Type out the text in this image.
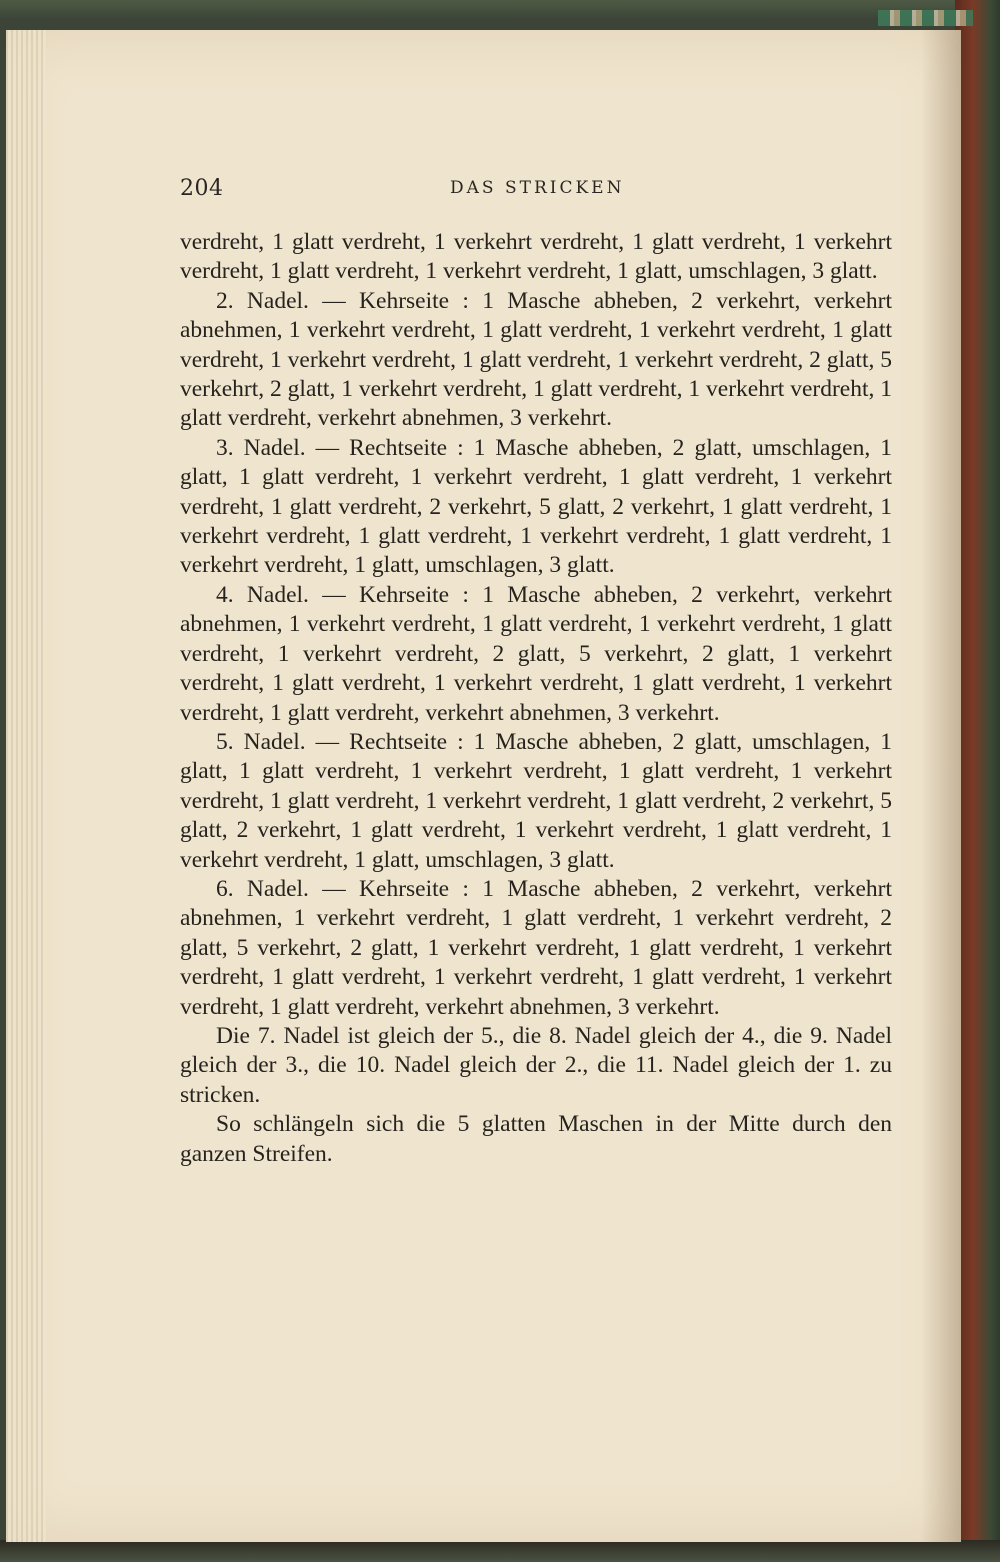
204	DAS STRICKEN

verdreht, 1 glatt verdreht, 1 verkehrt verdreht, 1 glatt verdreht, 1 verkehrt verdreht, 1 glatt verdreht, 1 verkehrt verdreht, 1 glatt, umschlagen, 3 glatt.

2. Nadel. — Kehrseite : 1 Masche abheben, 2 verkehrt, verkehrt abnehmen, 1 verkehrt verdreht, 1 glatt verdreht, 1 verkehrt verdreht, 1 glatt verdreht, 1 verkehrt verdreht, 1 glatt verdreht, 1 verkehrt verdreht, 2 glatt, 5 verkehrt, 2 glatt, 1 verkehrt verdreht, 1 glatt verdreht, 1 verkehrt verdreht, 1 glatt verdreht, verkehrt abnehmen, 3 verkehrt.

3. Nadel. — Rechtseite : 1 Masche abheben, 2 glatt, umschlagen, 1 glatt, 1 glatt verdreht, 1 verkehrt verdreht, 1 glatt verdreht, 1 verkehrt verdreht, 1 glatt verdreht, 2 verkehrt, 5 glatt, 2 verkehrt, 1 glatt verdreht, 1 verkehrt verdreht, 1 glatt verdreht, 1 verkehrt verdreht, 1 glatt verdreht, 1 verkehrt verdreht, 1 glatt, umschlagen, 3 glatt.

4. Nadel. — Kehrseite : 1 Masche abheben, 2 verkehrt, verkehrt abnehmen, 1 verkehrt verdreht, 1 glatt verdreht, 1 verkehrt verdreht, 1 glatt verdreht, 1 verkehrt verdreht, 2 glatt, 5 verkehrt, 2 glatt, 1 verkehrt verdreht, 1 glatt verdreht, 1 verkehrt verdreht, 1 glatt verdreht, 1 verkehrt verdreht, 1 glatt verdreht, verkehrt abnehmen, 3 verkehrt.

5. Nadel. — Rechtseite : 1 Masche abheben, 2 glatt, umschlagen, 1 glatt, 1 glatt verdreht, 1 verkehrt verdreht, 1 glatt verdreht, 1 verkehrt verdreht, 1 glatt verdreht, 1 verkehrt verdreht, 1 glatt verdreht, 2 verkehrt, 5 glatt, 2 verkehrt, 1 glatt verdreht, 1 verkehrt verdreht, 1 glatt verdreht, 1 verkehrt verdreht, 1 glatt, umschlagen, 3 glatt.

6. Nadel. — Kehrseite : 1 Masche abheben, 2 verkehrt, verkehrt abnehmen, 1 verkehrt verdreht, 1 glatt verdreht, 1 verkehrt verdreht, 2 glatt, 5 verkehrt, 2 glatt, 1 verkehrt verdreht, 1 glatt verdreht, 1 verkehrt verdreht, 1 glatt verdreht, 1 verkehrt verdreht, 1 glatt verdreht, 1 verkehrt verdreht, 1 glatt verdreht, verkehrt abnehmen, 3 verkehrt.

Die 7. Nadel ist gleich der 5., die 8. Nadel gleich der 4., die 9. Nadel gleich der 3., die 10. Nadel gleich der 2., die 11. Nadel gleich der 1. zu stricken.

So schlängeln sich die 5 glatten Maschen in der Mitte durch den ganzen Streifen.
